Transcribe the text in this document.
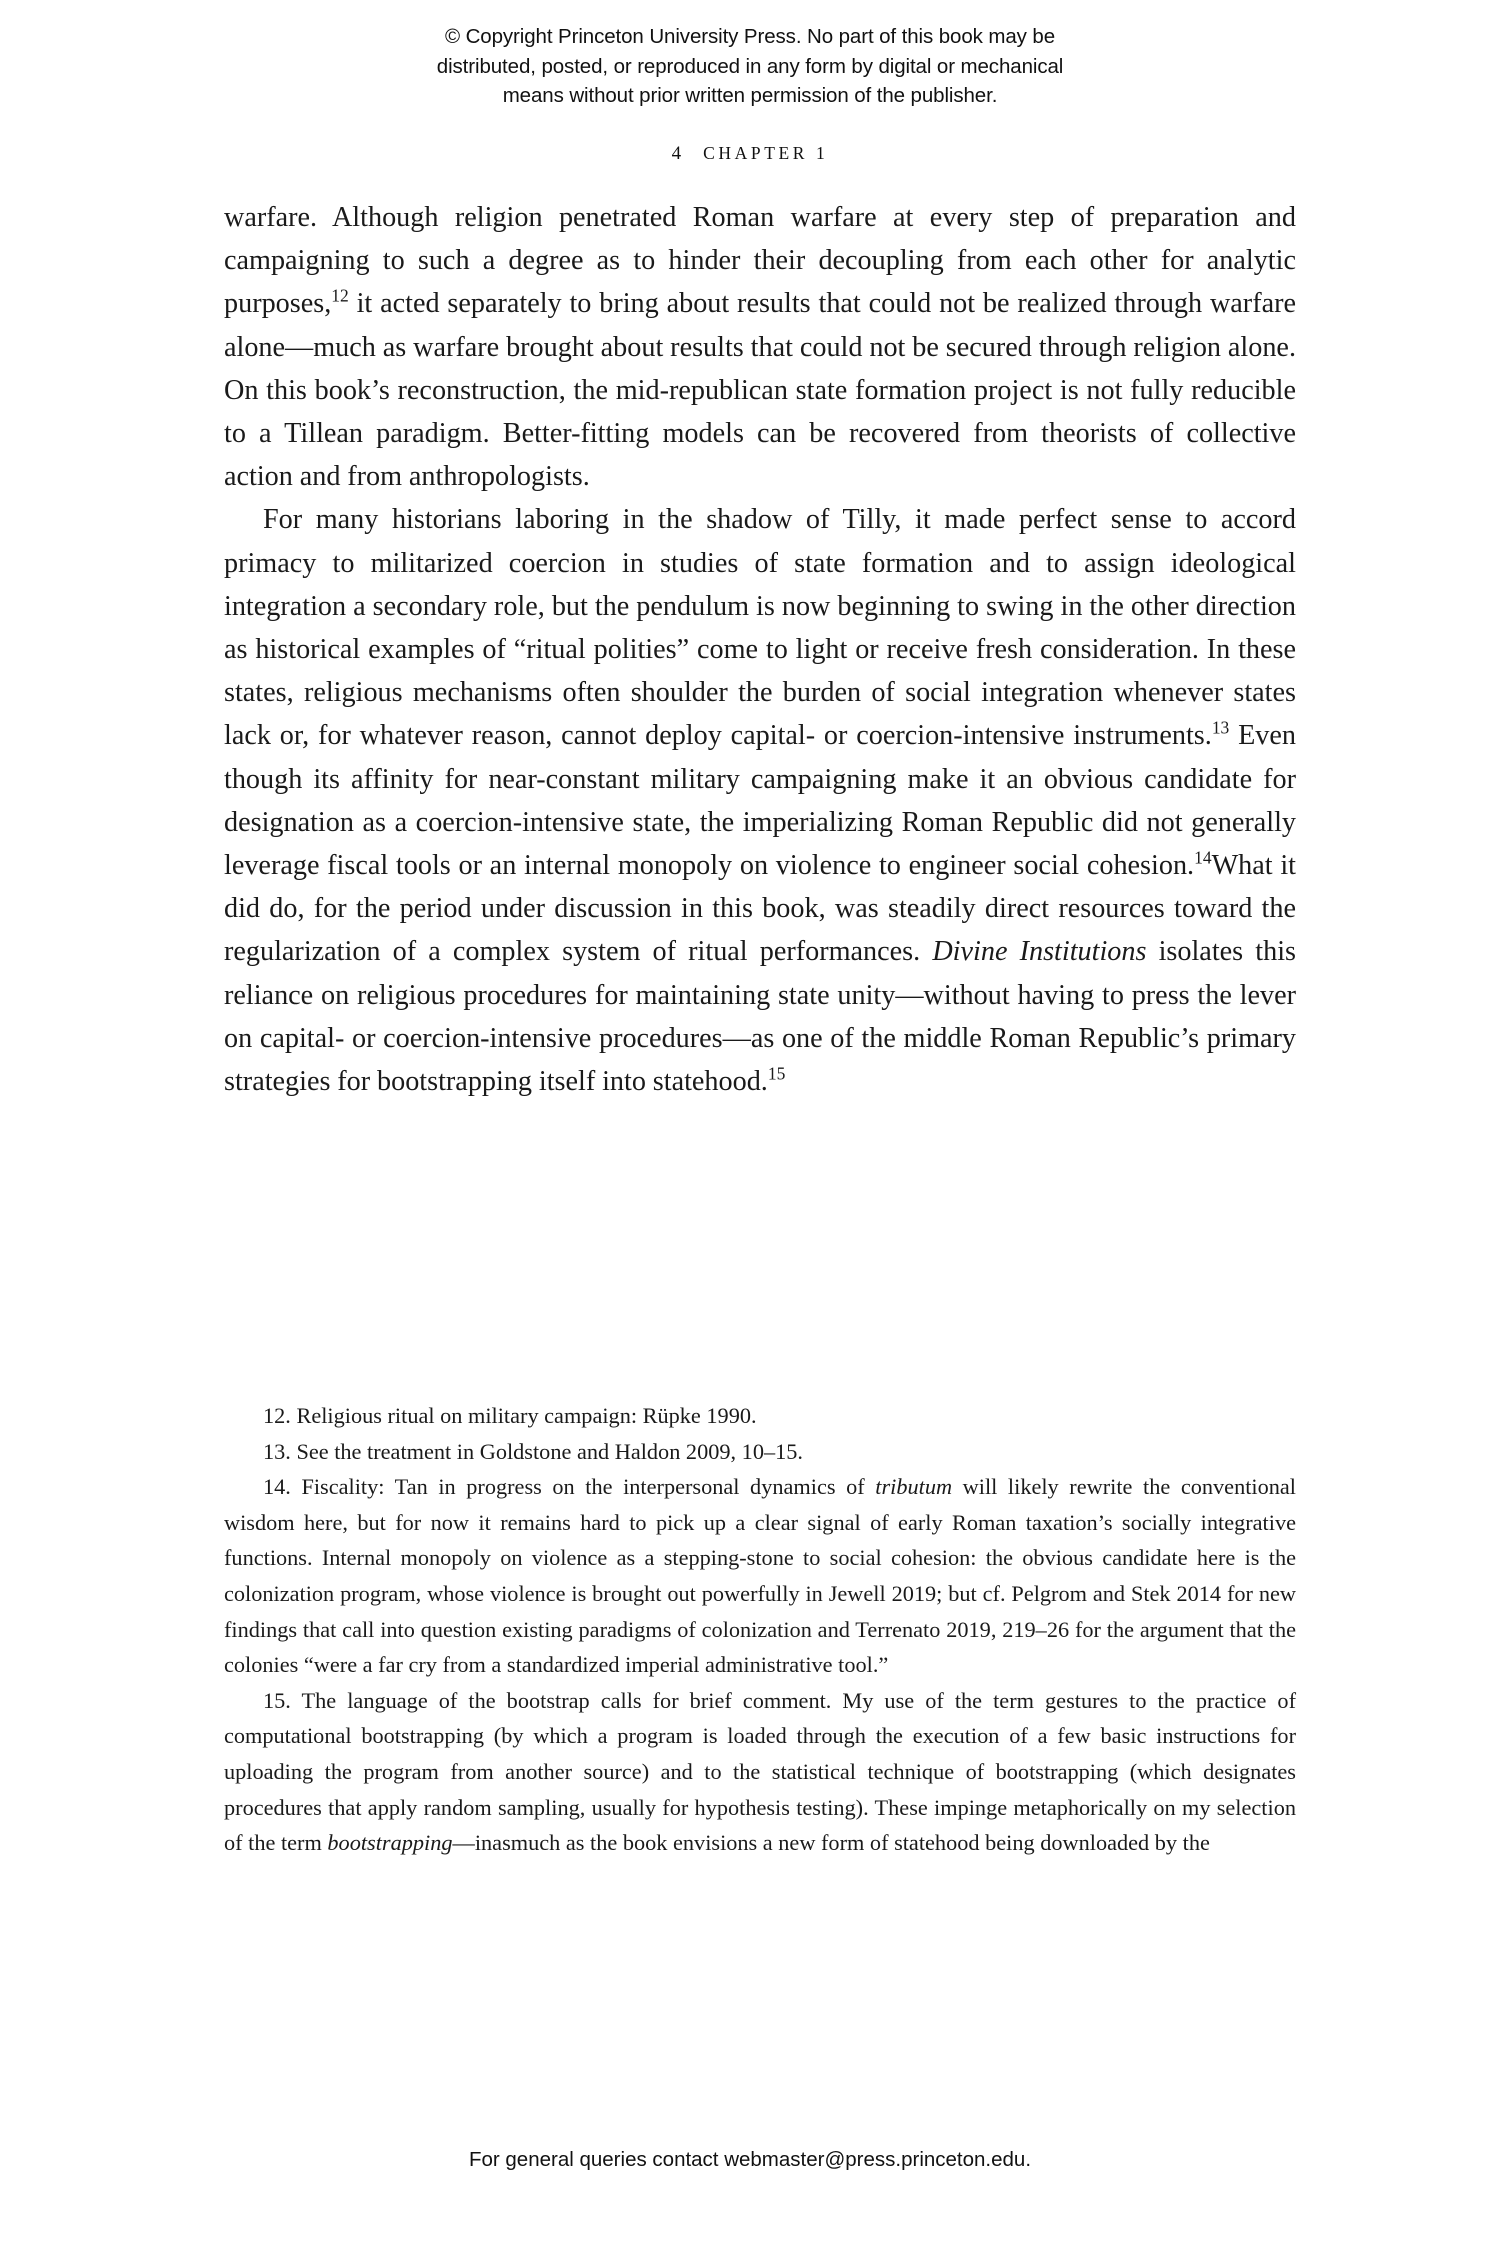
© Copyright Princeton University Press. No part of this book may be
distributed, posted, or reproduced in any form by digital or mechanical
means without prior written permission of the publisher.
4 CHAPTER 1

warfare. Although religion penetrated Roman warfare at every step of preparation and campaigning to such a degree as to hinder their decoupling from each other for analytic purposes,$^{12}$ it acted separately to bring about results that could not be realized through warfare alone—much as warfare brought about results that could not be secured through religion alone. On this book’s reconstruction, the mid-republican state formation project is not fully reducible to a Tillean paradigm. Better-fitting models can be recovered from theorists of collective action and from anthropologists.

For many historians laboring in the shadow of Tilly, it made perfect sense to accord primacy to militarized coercion in studies of state formation and to assign ideological integration a secondary role, but the pendulum is now beginning to swing in the other direction as historical examples of “ritual polities” come to light or receive fresh consideration. In these states, religious mechanisms often shoulder the burden of social integration whenever states lack or, for whatever reason, cannot deploy capital- or coercion-intensive instruments.$^{13}$ Even though its affinity for near-constant military campaigning make it an obvious candidate for designation as a coercion-intensive state, the imperializing Roman Republic did not generally leverage fiscal tools or an internal monopoly on violence to engineer social cohesion.$^{14}$What it did do, for the period under discussion in this book, was steadily direct resources toward the regularization of a complex system of ritual performances. Divine Institutions isolates this reliance on religious procedures for maintaining state unity—without having to press the lever on capital- or coercion-intensive procedures—as one of the middle Roman Republic’s primary strategies for bootstrapping itself into statehood.$^{15}$

12. Religious ritual on military campaign: Rüpke 1990.

13. See the treatment in Goldstone and Haldon 2009, 10–15.

14. Fiscality: Tan in progress on the interpersonal dynamics of tributum will likely rewrite the conventional wisdom here, but for now it remains hard to pick up a clear signal of early Roman taxation’s socially integrative functions. Internal monopoly on violence as a stepping-stone to social cohesion: the obvious candidate here is the colonization program, whose violence is brought out powerfully in Jewell 2019; but cf. Pelgrom and Stek 2014 for new findings that call into question existing paradigms of colonization and Terrenato 2019, 219–26 for the argument that the colonies “were a far cry from a standardized imperial administrative tool.”

15. The language of the bootstrap calls for brief comment. My use of the term gestures to the practice of computational bootstrapping (by which a program is loaded through the execution of a few basic instructions for uploading the program from another source) and to the statistical technique of bootstrapping (which designates procedures that apply random sampling, usually for hypothesis testing). These impinge metaphorically on my selection of the term bootstrapping—inasmuch as the book envisions a new form of statehood being downloaded by the

For general queries contact webmaster@press.princeton.edu.
